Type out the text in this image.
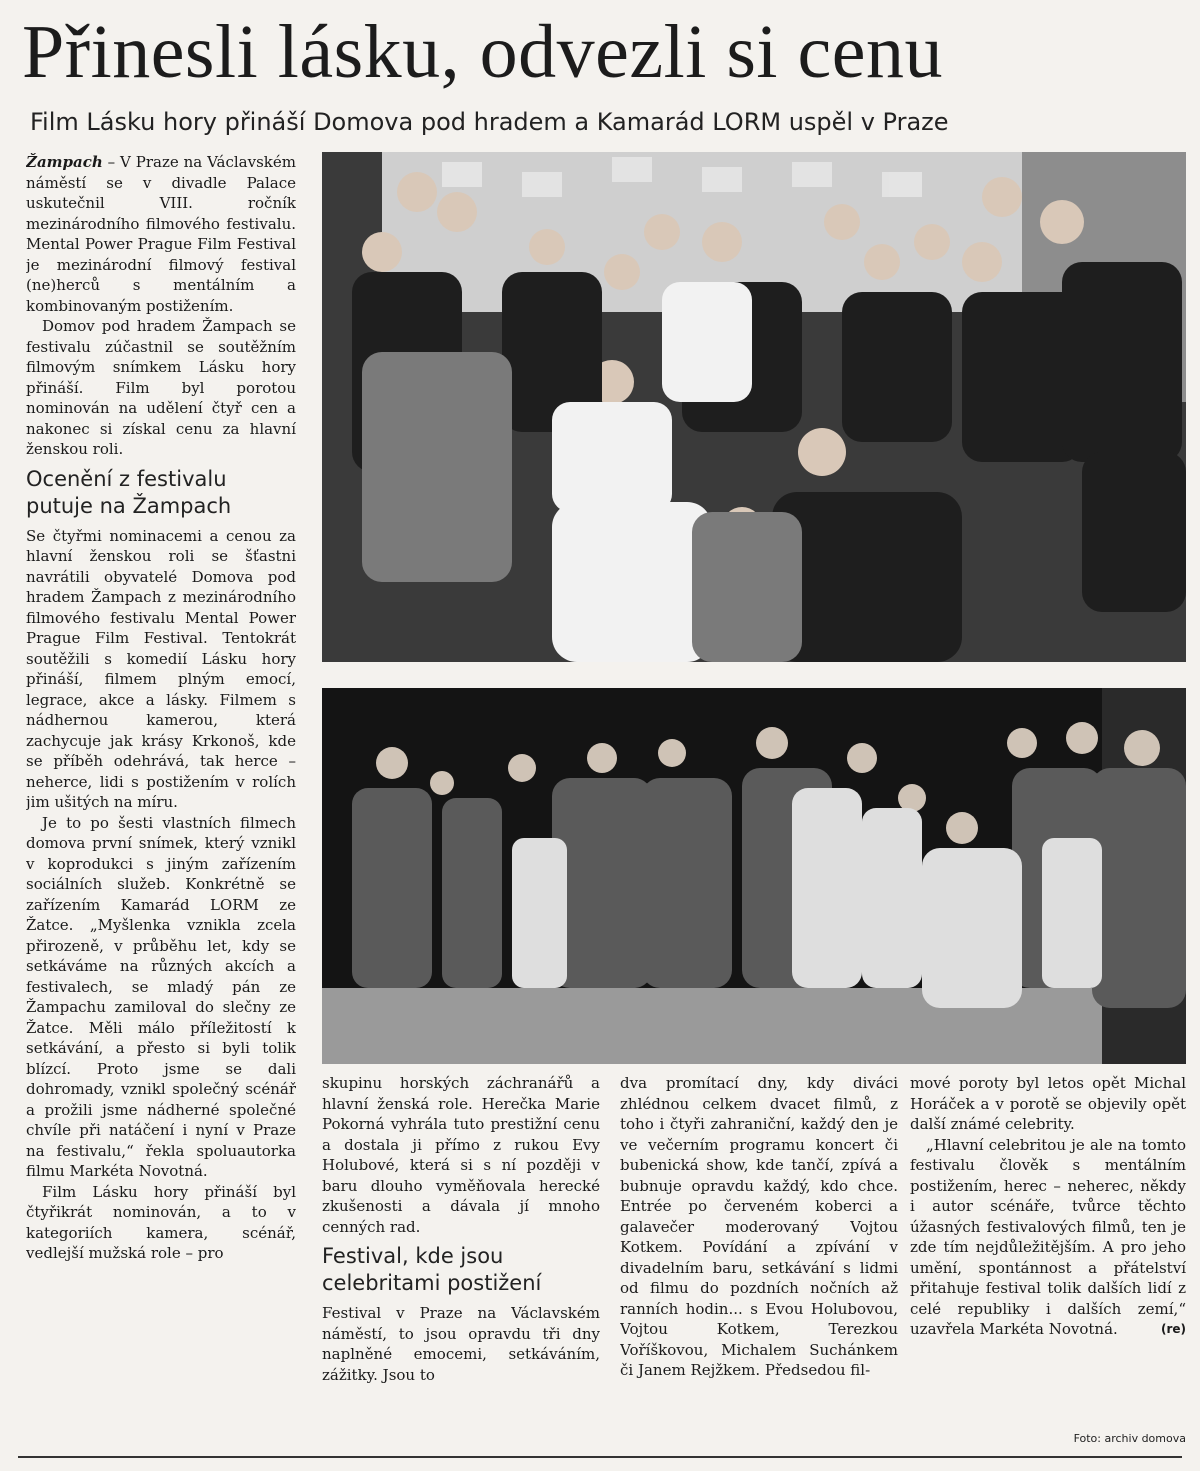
Přinesli lásku, odvezli si cenu
Film Lásku hory přináší Domova pod hradem a Kamarád LORM uspěl v Praze

Žampach – V Praze na Václavském náměstí se v divadle Palace uskutečnil VIII. ročník mezinárodního filmového festivalu. Mental Power Prague Film Festival je mezinárodní filmový festival (ne)herců s mentálním a kombinovaným postižením.

Domov pod hradem Žampach se festivalu zúčastnil se soutěžním filmovým snímkem Lásku hory přináší. Film byl porotou nominován na udělení čtyř cen a nakonec si získal cenu za hlavní ženskou roli.

Ocenění z festivalu putuje na Žampach

Se čtyřmi nominacemi a cenou za hlavní ženskou roli se šťastni navrátili obyvatelé Domova pod hradem Žampach z mezinárodního filmového festivalu Mental Power Prague Film Festival. Tentokrát soutěžili s komedií Lásku hory přináší, filmem plným emocí, legrace, akce a lásky. Filmem s nádhernou kamerou, která zachycuje jak krásy Krkonoš, kde se příběh odehrává, tak herce – neherce, lidi s postižením v rolích jim ušitých na míru.

Je to po šesti vlastních filmech domova první snímek, který vznikl v koprodukci s jiným zařízením sociálních služeb. Konkrétně se zařízením Kamarád LORM ze Žatce. „Myšlenka vznikla zcela přirozeně, v průběhu let, kdy se setkáváme na různých akcích a festivalech, se mladý pán ze Žampachu zamiloval do slečny ze Žatce. Měli málo příležitostí k setkávání, a přesto si byli tolik blízcí. Proto jsme se dali dohromady, vznikl společný scénář a prožili jsme nádherné společné chvíle při natáčení i nyní v Praze na festivalu,“ řekla spoluautorka filmu Markéta Novotná.

Film Lásku hory přináší byl čtyřikrát nominován, a to v kategoriích kamera, scénář, vedlejší mužská role – pro

skupinu horských záchranářů a hlavní ženská role. Herečka Marie Pokorná vyhrála tuto prestižní cenu a dostala ji přímo z rukou Evy Holubové, která si s ní později v baru dlouho vyměňovala herecké zkušenosti a dávala jí mnoho cenných rad.

Festival, kde jsou celebritami postižení

Festival v Praze na Václavském náměstí, to jsou opravdu tři dny naplněné emocemi, setkáváním, zážitky. Jsou to

dva promítací dny, kdy diváci zhlédnou celkem dvacet filmů, z toho i čtyři zahraniční, každý den je ve večerním programu koncert či bubenická show, kde tančí, zpívá a bubnuje opravdu každý, kdo chce. Entrée po červeném koberci a galavečer moderovaný Vojtou Kotkem. Povídání a zpívání v divadelním baru, setkávání s lidmi od filmu do pozdních nočních až ranních hodin... s Evou Holubovou, Vojtou Kotkem, Terezkou Voříškovou, Michalem Suchánkem či Janem Rejžkem. Předsedou fil-

mové poroty byl letos opět Michal Horáček a v porotě se objevily opět další známé celebrity.

„Hlavní celebritou je ale na tomto festivalu člověk s mentálním postižením, herec – neherec, někdy i autor scénáře, tvůrce těchto úžasných festivalových filmů, ten je zde tím nejdůležitějším. A pro jeho umění, spontánnost a přátelství přitahuje festival tolik dalších lidí z celé republiky i dalších zemí,“ uzavřela Markéta Novotná.	(re)

Foto: archiv domova
